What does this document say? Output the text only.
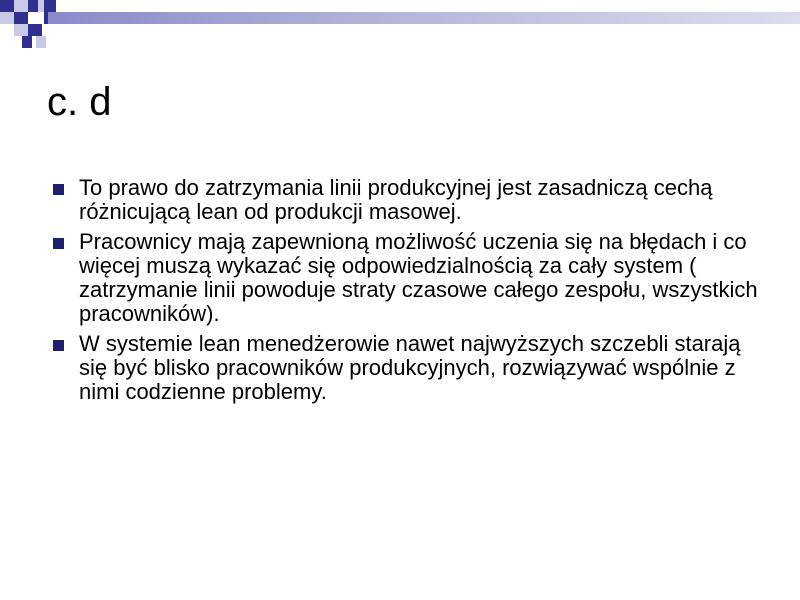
c. d
To prawo do zatrzymania linii produkcyjnej jest zasadniczą cechą różnicującą lean od produkcji masowej.
Pracownicy mają zapewnioną możliwość uczenia się na błędach i co więcej muszą wykazać się odpowiedzialnością za cały system ( zatrzymanie linii powoduje straty czasowe całego zespołu, wszystkich pracowników).
W systemie lean menedżerowie nawet najwyższych szczebli starają się być blisko pracowników produkcyjnych, rozwiązywać wspólnie z nimi codzienne problemy.
